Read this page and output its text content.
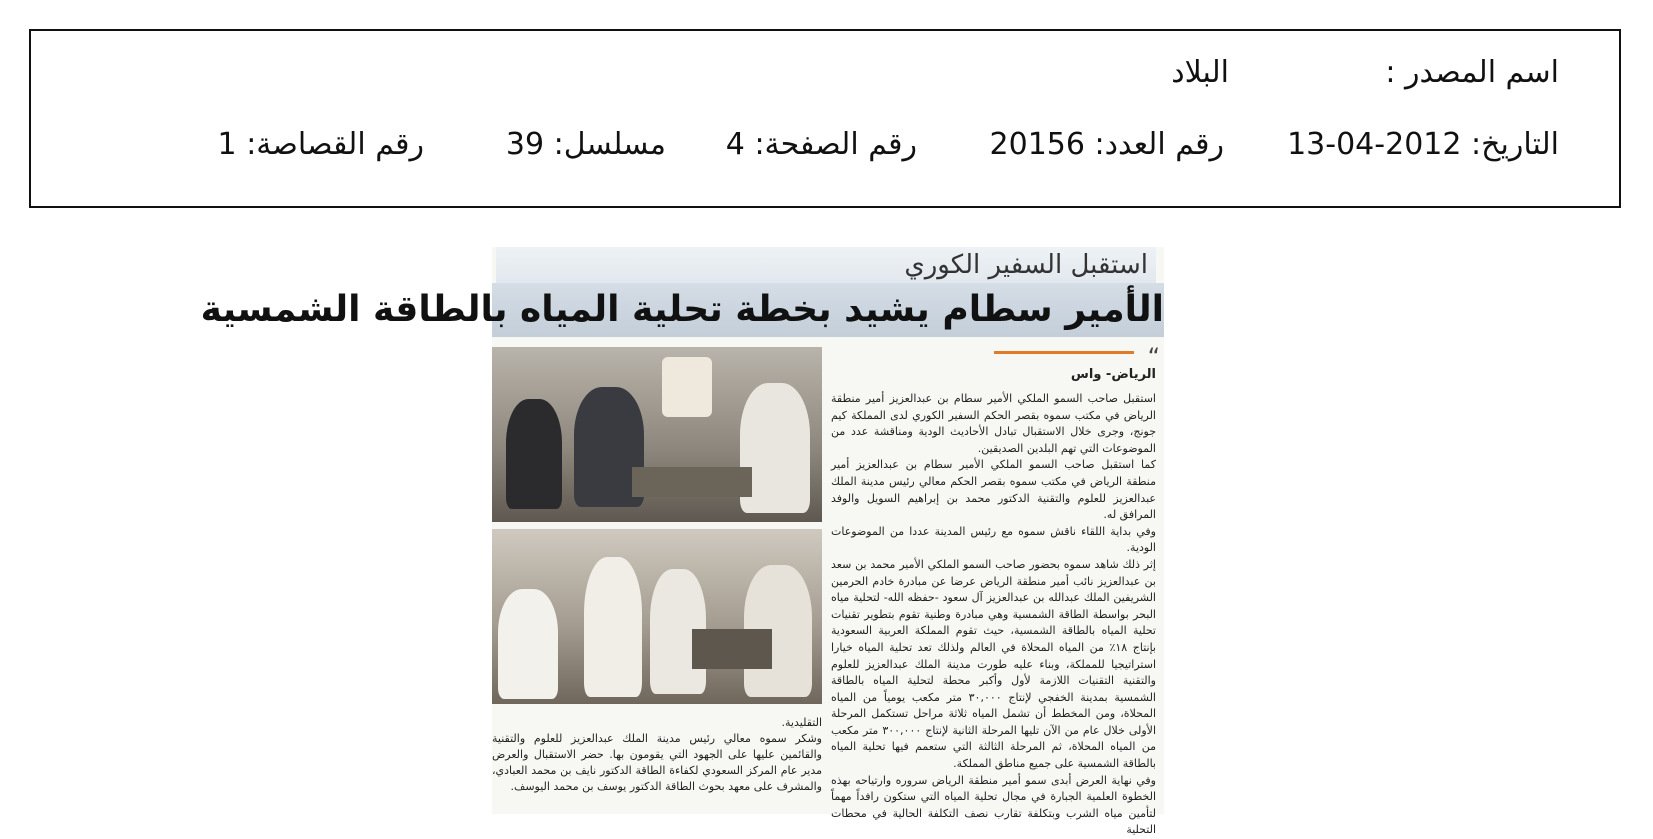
اسم المصدر :
البلاد
التاريخ: 2012-04-13
رقم العدد: 20156
رقم الصفحة: 4
مسلسل: 39
رقم القصاصة: 1
استقبل السفير الكوري
الأمير سطام يشيد بخطة تحلية المياه بالطاقة الشمسية
“
الرياض- واس

استقبل صاحب السمو الملكي الأمير سطام بن عبدالعزيز أمير منطقة الرياض في مكتب سموه بقصر الحكم السفير الكوري لدى المملكة كيم جونج، وجرى خلال الاستقبال تبادل الأحاديث الودية ومناقشة عدد من الموضوعات التي تهم البلدين الصديقين.

كما استقبل صاحب السمو الملكي الأمير سطام بن عبدالعزيز أمير منطقة الرياض في مكتب سموه بقصر الحكم معالي رئيس مدينة الملك عبدالعزيز للعلوم والتقنية الدكتور محمد بن إبراهيم السويل والوفد المرافق له.

وفي بداية اللقاء ناقش سموه مع رئيس المدينة عددا من الموضوعات الودية.

إثر ذلك شاهد سموه بحضور صاحب السمو الملكي الأمير محمد بن سعد بن عبدالعزيز نائب أمير منطقة الرياض عرضا عن مبادرة خادم الحرمين الشريفين الملك عبدالله بن عبدالعزيز آل سعود -حفظه الله- لتحلية مياه البحر بواسطة الطاقة الشمسية وهي مبادرة وطنية تقوم بتطوير تقنيات تحلية المياه بالطاقة الشمسية، حيث تقوم المملكة العربية السعودية بإنتاج ١٨٪ من المياه المحلاة في العالم ولذلك تعد تحلية المياه خيارا استراتيجيا للمملكة، وبناء عليه طورت مدينة الملك عبدالعزيز للعلوم والتقنية التقنيات اللازمة لأول وأكبر محطة لتحلية المياه بالطاقة الشمسية بمدينة الخفجي لإنتاج ٣٠,٠٠٠ متر مكعب يومياً من المياه المحلاة، ومن المخطط أن تشمل المياه ثلاثة مراحل تستكمل المرحلة الأولى خلال عام من الآن تليها المرحلة الثانية لإنتاج ٣٠٠,٠٠٠ متر مكعب من المياه المحلاة، ثم المرحلة الثالثة التي ستعمم فيها تحلية المياه بالطاقة الشمسية على جميع مناطق المملكة.

وفي نهاية العرض أبدى سمو أمير منطقة الرياض سروره وارتياحه بهذه الخطوة العلمية الجبارة في مجال تحلية المياه التي ستكون رافداً مهماً لتأمين مياه الشرب وبتكلفة تقارب نصف التكلفة الحالية في محطات التحلية

التقليدية.

وشكر سموه معالي رئيس مدينة الملك عبدالعزيز للعلوم والتقنية والقائمين عليها على الجهود التي يقومون بها. حضر الاستقبال والعرض مدير عام المركز السعودي لكفاءة الطاقة الدكتور نايف بن محمد العبادي، والمشرف على معهد بحوث الطاقة الدكتور يوسف بن محمد اليوسف.
